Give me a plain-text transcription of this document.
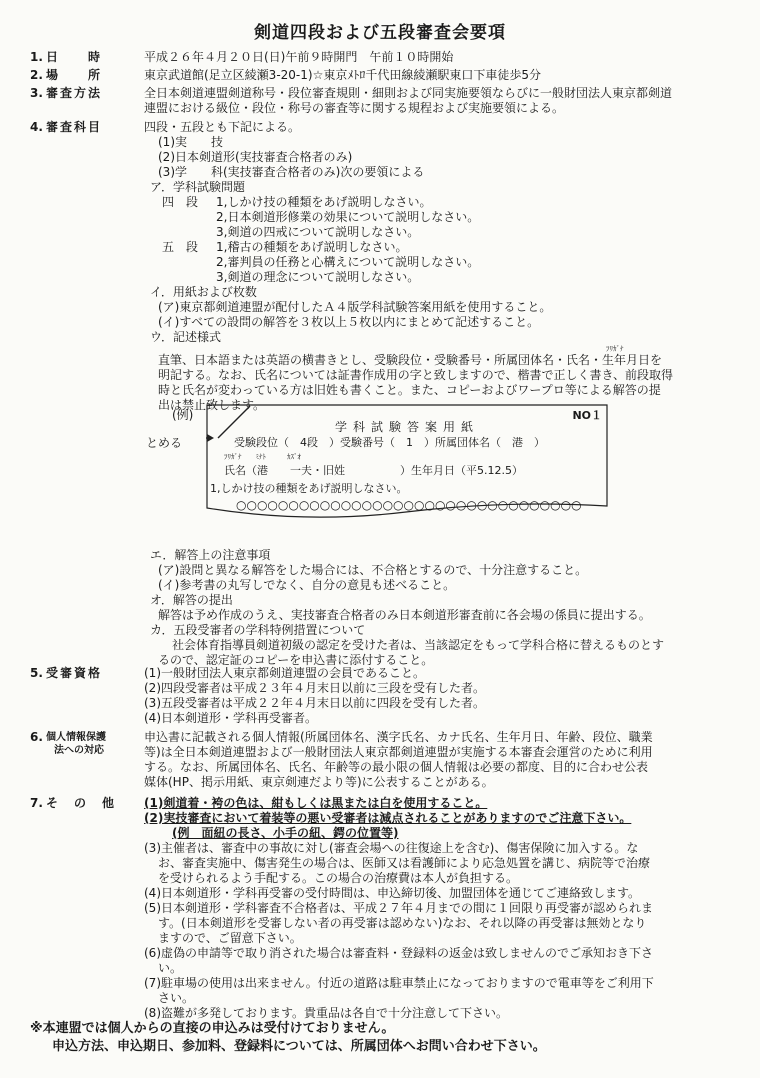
剣道四段および五段審査会要項
1. 日　　時	平成２６年４月２０日(日)午前９時開門　午前１０時開始
2. 場　　所	東京武道館(足立区綾瀬3-20-1)☆東京ﾒﾄﾛ千代田線綾瀬駅東口下車徒歩5分
3. 審査方法	全日本剣道連盟剣道称号・段位審査規則・細則および同実施要領ならびに一般財団法人東京都剣道
連盟における級位・段位・称号の審査等に関する規程および実施要領による。
4. 審査科目	四段・五段とも下記による。
(1)実　　技
(2)日本剣道形(実技審査合格者のみ)
(3)学　　科(実技審査合格者のみ)次の要領による
ア．学科試験問題
四　段	1,しかけ技の種類をあげ説明しなさい。
2,日本剣道形修業の効果について説明しなさい。
3,剣道の四戒について説明しなさい。
五　段	1,稽古の種類をあげ説明しなさい。
2,審判員の任務と心構えについて説明しなさい。
3,剣道の理念について説明しなさい。
イ．用紙および枚数
(ア)東京都剣道連盟が配付したＡ４版学科試験答案用紙を使用すること。
(イ)すべての設問の解答を３枚以上５枚以内にまとめて記述すること。
ウ．記述様式
ﾌﾘｶﾞﾅ
直筆、日本語または英語の横書きとし、受験段位・受験番号・所属団体名・氏名・生年月日を
明記する。なお、氏名については証書作成用の字と致しますので、楷書で正しく書き、前段取得
時と氏名が変わっている方は旧姓も書くこと。また、コピーおよびワープロ等による解答の提
出は禁止致します。
(例)
とめる
NO１
学科試験答案用紙
受験段位（　4段　）受験番号（　1　）所属団体名（　港　）
ﾌﾘｶﾞﾅ　　ﾐﾅﾄ　　　ｶｽﾞｵ
氏名（港　　一夫・旧姓　　　　　）生年月日（平5.12.5）
1,しかけ技の種類をあげ説明しなさい。
○○○○○○○○○○○○○○○○○○○○○○○○○○○○○○○○○
エ．解答上の注意事項
(ア)設問と異なる解答をした場合には、不合格とするので、十分注意すること。
(イ)参考書の丸写しでなく、自分の意見も述べること。
オ．解答の提出
解答は予め作成のうえ、実技審査合格者のみ日本剣道形審査前に各会場の係員に提出する。
カ．五段受審者の学科特例措置について
社会体育指導員剣道初級の認定を受けた者は、当該認定をもって学科合格に替えるものとす
るので、認定証のコピーを申込書に添付すること。
5. 受審資格	(1)一般財団法人東京都剣道連盟の会員であること。
(2)四段受審者は平成２３年４月末日以前に三段を受有した者。
(3)五段受審者は平成２２年４月末日以前に四段を受有した者。
(4)日本剣道形・学科再受審者。
6. 個人情報保護
法への対応
申込書に記載される個人情報(所属団体名、漢字氏名、カナ氏名、生年月日、年齢、段位、職業
等)は全日本剣道連盟および一般財団法人東京都剣道連盟が実施する本審査会運営のために利用
する。なお、所属団体名、氏名、年齢等の最小限の個人情報は必要の都度、目的に合わせ公表
媒体(HP、掲示用紙、東京剣連だより等)に公表することがある。
7. そ　の　他	(1)剣道着・袴の色は、紺もしくは黒または白を使用すること。
(2)実技審査において着装等の悪い受審者は減点されることがありますのでご注意下さい。
(例　面紐の長さ、小手の紐、鍔の位置等)
(3)主催者は、審査中の事故に対し(審査会場への往復途上を含む)、傷害保険に加入する。な
お、審査実施中、傷害発生の場合は、医師又は看護師により応急処置を講じ、病院等で治療
を受けられるよう手配する。この場合の治療費は本人が負担する。
(4)日本剣道形・学科再受審の受付時間は、申込締切後、加盟団体を通じてご連絡致します。
(5)日本剣道形・学科審査不合格者は、平成２７年４月までの間に１回限り再受審が認められま
す。(日本剣道形を受審しない者の再受審は認めない)なお、それ以降の再受審は無効となり
ますので、ご留意下さい。
(6)虚偽の申請等で取り消された場合は審査料・登録料の返金は致しませんのでご承知おき下さ
い。
(7)駐車場の使用は出来ません。付近の道路は駐車禁止になっておりますので電車等をご利用下
さい。
(8)盗難が多発しております。貴重品は各自で十分注意して下さい。
※本連盟では個人からの直接の申込みは受付けておりません。
申込方法、申込期日、参加料、登録料については、所属団体へお問い合わせ下さい。
